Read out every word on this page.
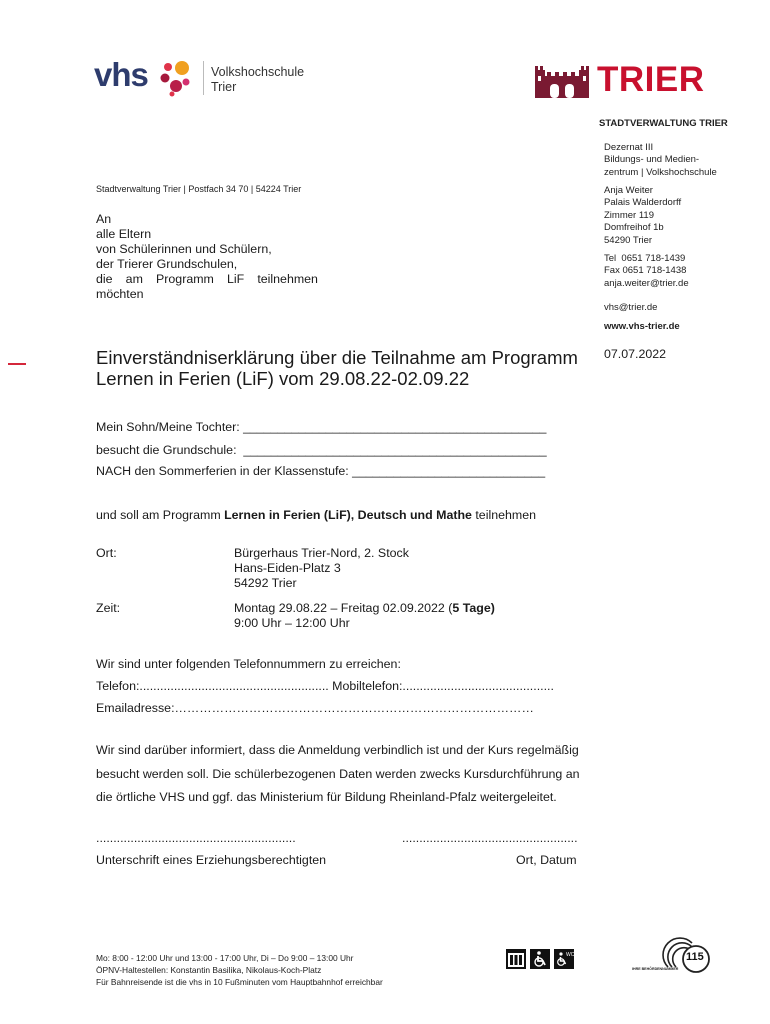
vhs	Volkshochschule
Trier	TRIER
STADTVERWALTUNG TRIER
Dezernat III
Bildungs- und Medien-
zentrum | Volkshochschule
Anja Weiter
Palais Walderdorff
Zimmer 119
Domfreihof 1b
54290 Trier
Tel  0651 718-1439
Fax 0651 718-1438
anja.weiter@trier.de
vhs@trier.de
www.vhs-trier.de
07.07.2022
Stadtverwaltung Trier | Postfach 34 70 | 54224 Trier
An
alle Eltern
von Schülerinnen und Schülern,
der Trierer Grundschulen,
die am Programm LiF teilnehmen
möchten
Einverständniserklärung über die Teilnahme am Programm
Lernen in Ferien (LiF) vom 29.08.22-02.09.22
Mein Sohn/Meine Tochter: ____________________________________________
besucht die Grundschule:  ____________________________________________
NACH den Sommerferien in der Klassenstufe: ____________________________
und soll am Programm Lernen in Ferien (LiF), Deutsch und Mathe teilnehmen
Ort:	Bürgerhaus Trier-Nord, 2. Stock
Hans-Eiden-Platz 3
54292 Trier
Zeit:	Montag 29.08.22 – Freitag 02.09.2022 (5 Tage)
9:00 Uhr – 12:00 Uhr
Wir sind unter folgenden Telefonnummern zu erreichen:
Telefon:....................................................... Mobiltelefon:............................................
Emailadresse:……………………………………………………………………………
Wir sind darüber informiert, dass die Anmeldung verbindlich ist und der Kurs regelmäßig
besucht werden soll. Die schülerbezogenen Daten werden zwecks Kursdurchführung an
die örtliche VHS und ggf. das Ministerium für Bildung Rheinland-Pfalz weitergeleitet.
..........................................................	...................................................
Unterschrift eines Erziehungsberechtigten	Ort, Datum
Mo: 8:00 - 12:00 Uhr und 13:00 - 17:00 Uhr, Di – Do 9:00 – 13:00 Uhr
ÖPNV-Haltestellen: Konstantin Basilika, Nikolaus-Koch-Platz
Für Bahnreisende ist die vhs in 10 Fußminuten vom Hauptbahnhof erreichbar
WC	115
IHRE BEHÖRDENNUMMER
